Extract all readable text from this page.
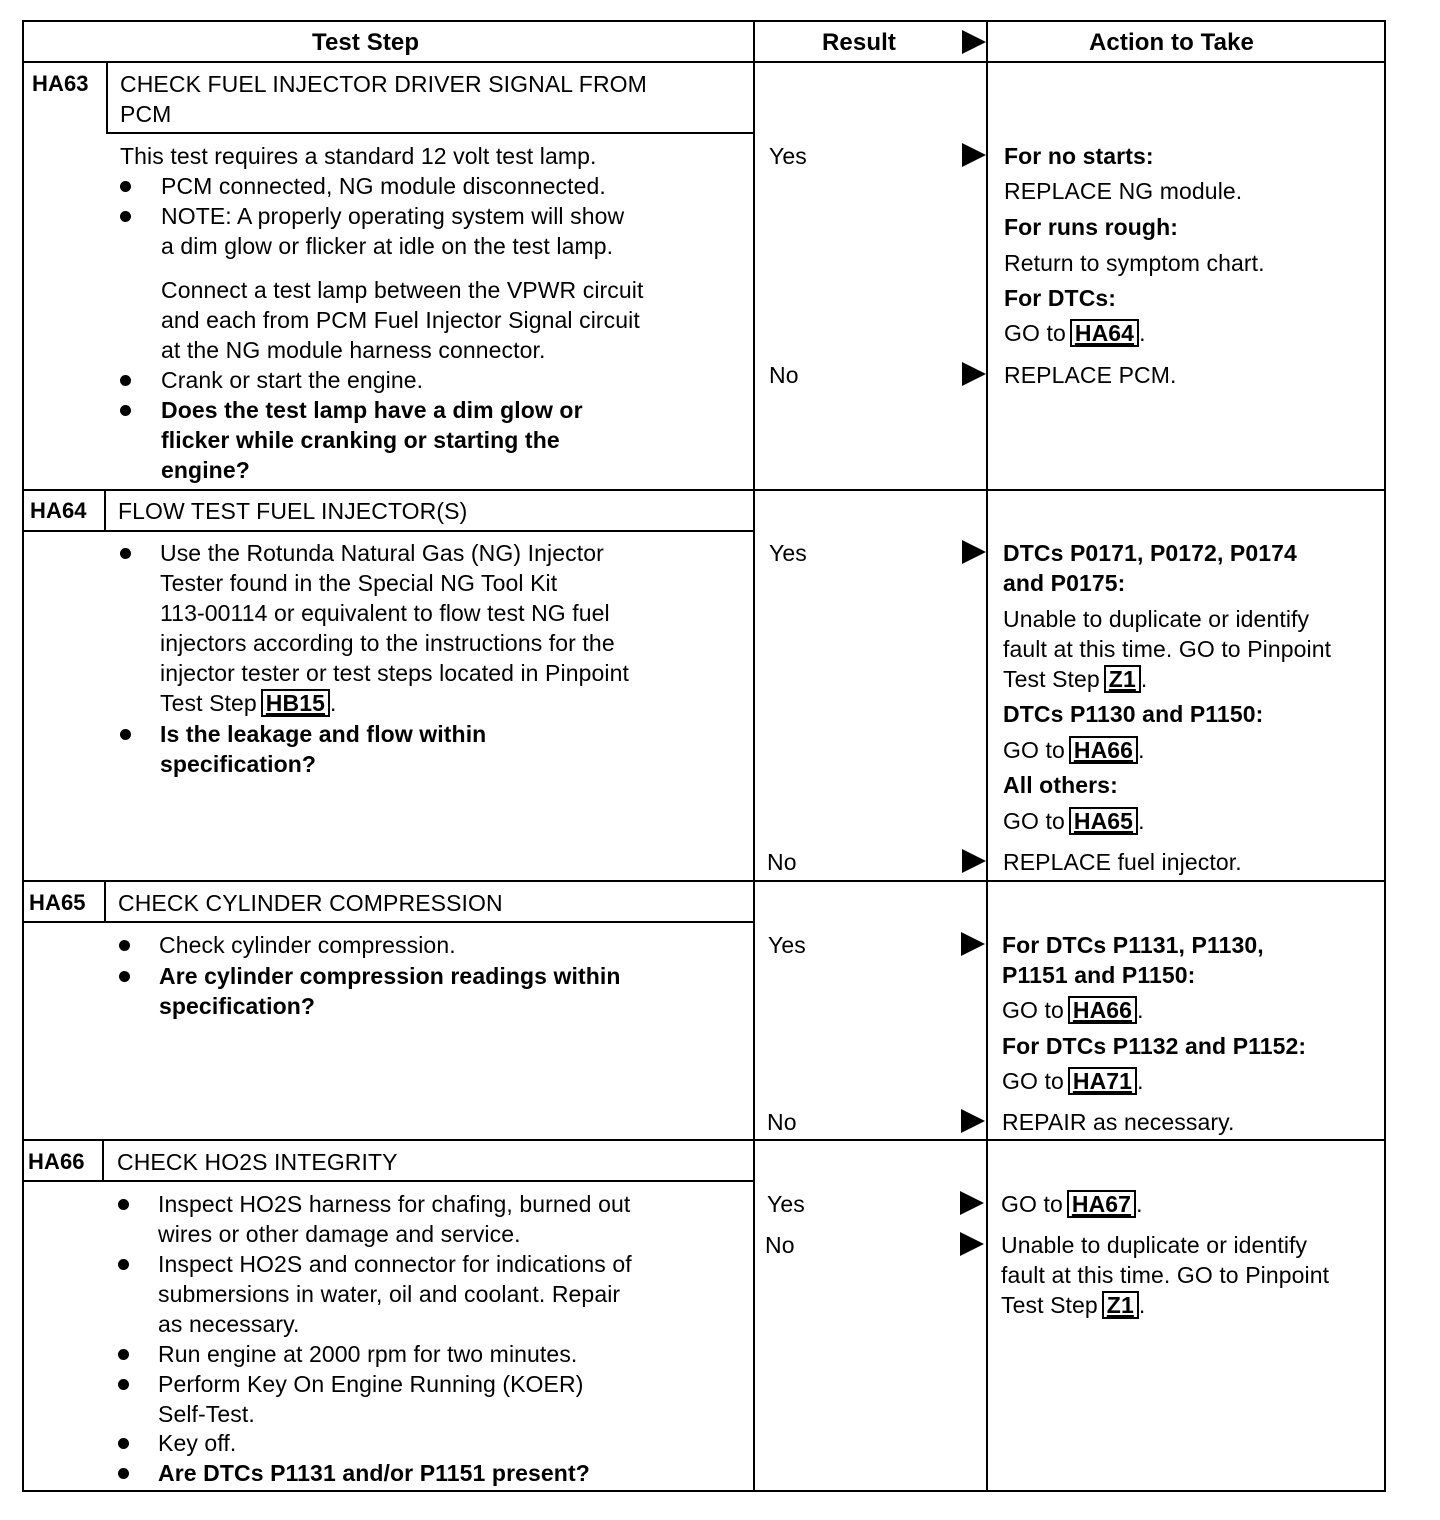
Test Step	Result	Action to Take
HA63 CHECK FUEL INJECTOR DRIVER SIGNAL FROM
PCM
This test requires a standard 12 volt test lamp.
PCM connected, NG module disconnected.
NOTE: A properly operating system will show
a dim glow or flicker at idle on the test lamp.
Connect a test lamp between the VPWR circuit
and each from PCM Fuel Injector Signal circuit
at the NG module harness connector.
Crank or start the engine.
Does the test lamp have a dim glow or
flicker while cranking or starting the
engine?
Yes
No
For no starts:
REPLACE NG module.
For runs rough:
Return to symptom chart.
For DTCs:
GO to HA64 .
REPLACE PCM.
HA64 FLOW TEST FUEL INJECTOR(S)
Use the Rotunda Natural Gas (NG) Injector
Tester found in the Special NG Tool Kit
113-00114 or equivalent to flow test NG fuel
injectors according to the instructions for the
injector tester or test steps located in Pinpoint
Test Step HB15 .
Is the leakage and flow within
specification?
Yes
No
DTCs P0171, P0172, P0174
and P0175:
Unable to duplicate or identify
fault at this time. GO to Pinpoint
Test Step Z1 .
DTCs P1130 and P1150:
GO to HA66 .
All others:
GO to HA65 .
REPLACE fuel injector.
HA65 CHECK CYLINDER COMPRESSION
Check cylinder compression.
Are cylinder compression readings within
specification?
Yes
No
For DTCs P1131, P1130,
P1151 and P1150:
GO to HA66 .
For DTCs P1132 and P1152:
GO to HA71 .
REPAIR as necessary.
HA66 CHECK HO2S INTEGRITY
Inspect HO2S harness for chafing, burned out
wires or other damage and service.
Inspect HO2S and connector for indications of
submersions in water, oil and coolant. Repair
as necessary.
Run engine at 2000 rpm for two minutes.
Perform Key On Engine Running (KOER)
Self-Test.
Key off.
Are DTCs P1131 and/or P1151 present?
Yes
No
GO to HA67 .
Unable to duplicate or identify
fault at this time. GO to Pinpoint
Test Step Z1 .
